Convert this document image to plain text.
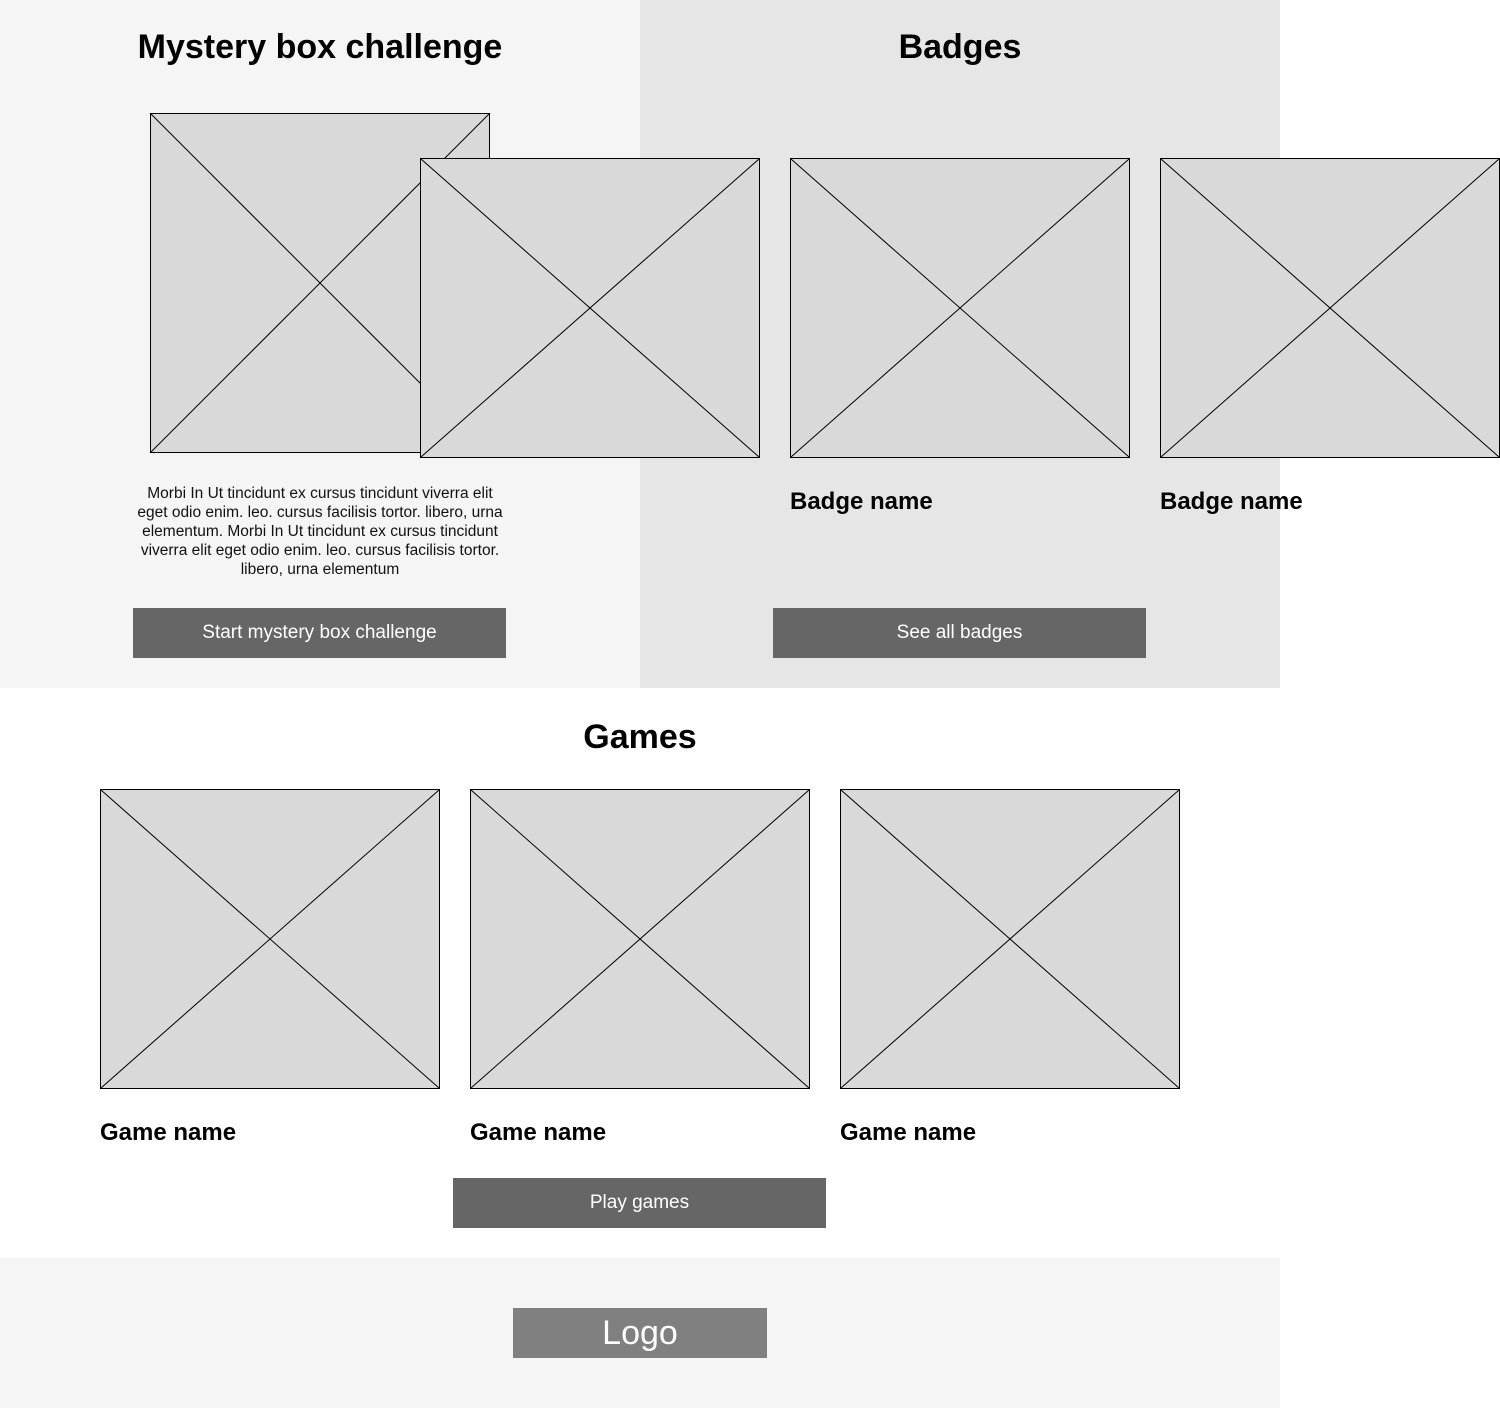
Mystery box challenge

Morbi In Ut tincidunt ex cursus tincidunt viverra elit eget odio enim. leo. cursus facilisis tortor. libero, urna elementum. Morbi In Ut tincidunt ex cursus tincidunt viverra elit eget odio enim. leo. cursus facilisis tortor. libero, urna elementum

Start mystery box challenge
Badges
Badge name	Badge name
See all badges
Games
Game name	Game name	Game name
Play games
Logo
